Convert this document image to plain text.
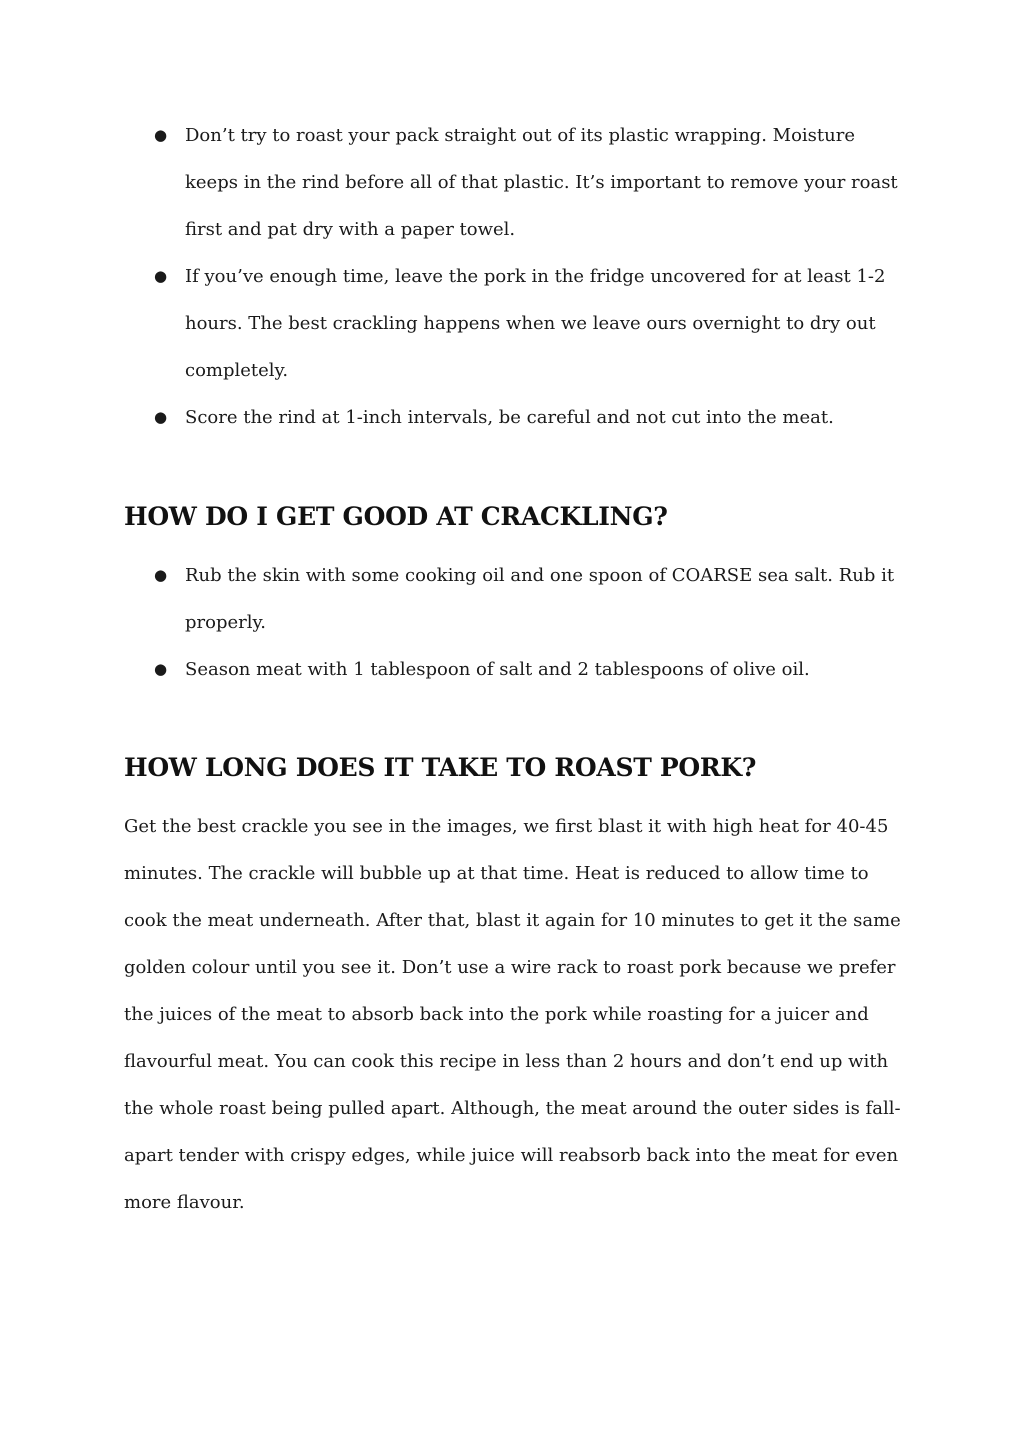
● Don’t try to roast your pack straight out of its plastic wrapping. Moisture keeps in the rind before all of that plastic. It’s important to remove your roast first and pat dry with a paper towel.
● If you’ve enough time, leave the pork in the fridge uncovered for at least 1-2 hours. The best crackling happens when we leave ours overnight to dry out completely.
● Score the rind at 1-inch intervals, be careful and not cut into the meat.
HOW DO I GET GOOD AT CRACKLING?
● Rub the skin with some cooking oil and one spoon of COARSE sea salt. Rub it properly.
● Season meat with 1 tablespoon of salt and 2 tablespoons of olive oil.
HOW LONG DOES IT TAKE TO ROAST PORK?

Get the best crackle you see in the images, we first blast it with high heat for 40-45 minutes. The crackle will bubble up at that time. Heat is reduced to allow time to cook the meat underneath. After that, blast it again for 10 minutes to get it the same golden colour until you see it. Don’t use a wire rack to roast pork because we prefer the juices of the meat to absorb back into the pork while roasting for a juicer and flavourful meat. You can cook this recipe in less than 2 hours and don’t end up with the whole roast being pulled apart. Although, the meat around the outer sides is fall-apart tender with crispy edges, while juice will reabsorb back into the meat for even more flavour.
